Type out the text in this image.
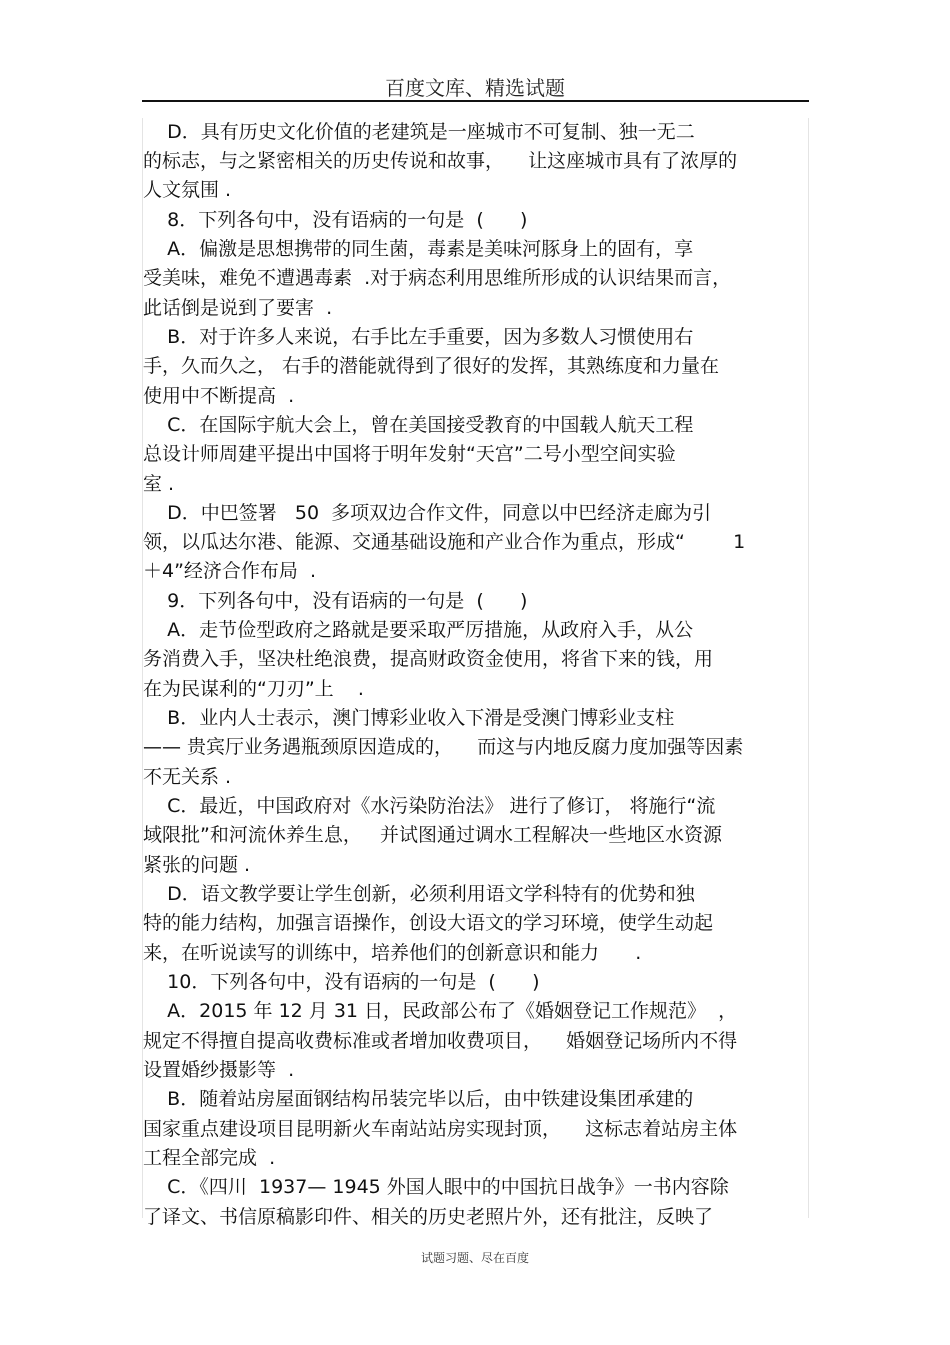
百度文库、精选试题
D．具有历史文化价值的老建筑是一座城市不可复制、独一无二
的标志，与之紧密相关的历史传说和故事，    让这座城市具有了浓厚的
人文氛围 .
8．下列各句中，没有语病的一句是  (      )
A．偏激是思想携带的同生菌，毒素是美味河豚身上的固有，享
受美味，难免不遭遇毒素  .对于病态利用思维所形成的认识结果而言，
此话倒是说到了要害  .
B．对于许多人来说，右手比左手重要，因为多数人习惯使用右
手，久而久之， 右手的潜能就得到了很好的发挥，其熟练度和力量在
使用中不断提高  .
C．在国际宇航大会上，曾在美国接受教育的中国载人航天工程
总设计师周建平提出中国将于明年发射“天宫”二号小型空间实验
室 .
D．中巴签署   50  多项双边合作文件，同意以中巴经济走廊为引
领，以瓜达尔港、能源、交通基础设施和产业合作为重点，形成“        1
＋4”经济合作布局  .
9．下列各句中，没有语病的一句是  (      )
A．走节俭型政府之路就是要采取严厉措施，从政府入手，从公
务消费入手，坚决杜绝浪费，提高财政资金使用，将省下来的钱，用
在为民谋利的“刀刃”上    .
B．业内人士表示，澳门博彩业收入下滑是受澳门博彩业支柱
—— 贵宾厅业务遇瓶颈原因造成的，    而这与内地反腐力度加强等因素
不无关系 .
C．最近，中国政府对《水污染防治法》 进行了修订， 将施行“流
域限批”和河流休养生息，   并试图通过调水工程解决一些地区水资源
紧张的问题 .
D．语文教学要让学生创新，必须利用语文学科特有的优势和独
特的能力结构，加强言语操作，创设大语文的学习环境，使学生动起
来，在听说读写的训练中，培养他们的创新意识和能力      .
10．下列各句中，没有语病的一句是  (      )
A．2015 年 12 月 31 日，民政部公布了《婚姻登记工作规范》  ，
规定不得擅自提高收费标准或者增加收费项目，    婚姻登记场所内不得
设置婚纱摄影等  .
B．随着站房屋面钢结构吊装完毕以后，由中铁建设集团承建的
国家重点建设项目昆明新火车南站站房实现封顶，    这标志着站房主体
工程全部完成  .
C．《四川  1937— 1945 外国人眼中的中国抗日战争》一书内容除
了译文、书信原稿影印件、相关的历史老照片外，还有批注，反映了
试题习题、尽在百度
